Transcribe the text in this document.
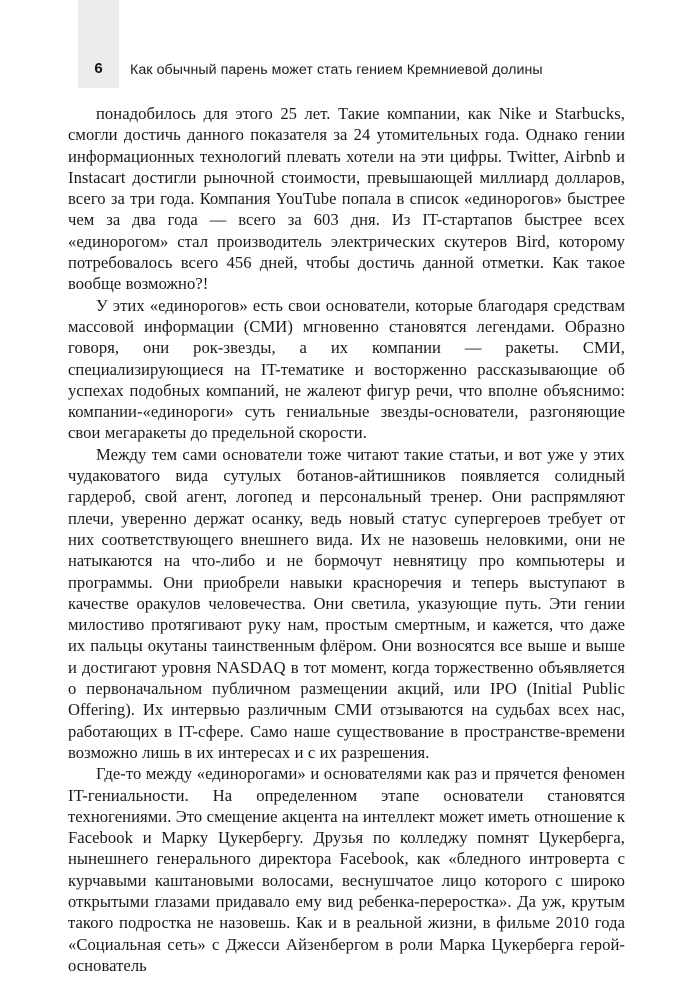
6	Как обычный парень может стать гением Кремниевой долины

понадобилось для этого 25 лет. Такие компании, как Nike и Starbucks, смогли достичь данного показателя за 24 утомительных года. Однако гении информационных технологий плевать хотели на эти цифры. Twitter, Airbnb и Instacart достигли рыночной стоимости, превышающей миллиард долларов, всего за три года. Компания YouTube попала в список «единорогов» быстрее чем за два года — всего за 603 дня. Из IT-стартапов быстрее всех «единорогом» стал производитель электрических скутеров Bird, которому потребовалось всего 456 дней, чтобы достичь данной отметки. Как такое вообще возможно?!

У этих «единорогов» есть свои основатели, которые благодаря средствам массовой информации (СМИ) мгновенно становятся легендами. Образно говоря, они рок-звезды, а их компании — ракеты. СМИ, специализирующиеся на IT-тематике и восторженно рассказывающие об успехах подобных компаний, не жалеют фигур речи, что вполне объяснимо: компании-«единороги» суть гениальные звезды-основатели, разгоняющие свои мегаракеты до предельной скорости.

Между тем сами основатели тоже читают такие статьи, и вот уже у этих чудаковатого вида сутулых ботанов-айтишников появляется солидный гардероб, свой агент, логопед и персональный тренер. Они распрямляют плечи, уверенно держат осанку, ведь новый статус супергероев требует от них соответствующего внешнего вида. Их не назовешь неловкими, они не натыкаются на что-либо и не бормочут невнятицу про компьютеры и программы. Они приобрели навыки красноречия и теперь выступают в качестве оракулов человечества. Они светила, указующие путь. Эти гении милостиво протягивают руку нам, простым смертным, и кажется, что даже их пальцы окутаны таинственным флёром. Они возносятся все выше и выше и достигают уровня NASDAQ в тот момент, когда торжественно объявляется о первоначальном публичном размещении акций, или IPO (Initial Public Offering). Их интервью различным СМИ отзываются на судьбах всех нас, работающих в IT-сфере. Само наше существование в пространстве-времени возможно лишь в их интересах и с их разрешения.

Где-то между «единорогами» и основателями как раз и прячется феномен IT-гениальности. На определенном этапе основатели становятся техногениями. Это смещение акцента на интеллект может иметь отношение к Facebook и Марку Цукербергу. Друзья по колледжу помнят Цукерберга, нынешнего генерального директора Facebook, как «бледного интроверта с курчавыми каштановыми волосами, веснушчатое лицо которого с широко открытыми глазами придавало ему вид ребенка-переростка». Да уж, крутым такого подростка не назовешь. Как и в реальной жизни, в фильме 2010 года «Социальная сеть» с Джесси Айзенбергом в роли Марка Цукерберга герой-основатель
